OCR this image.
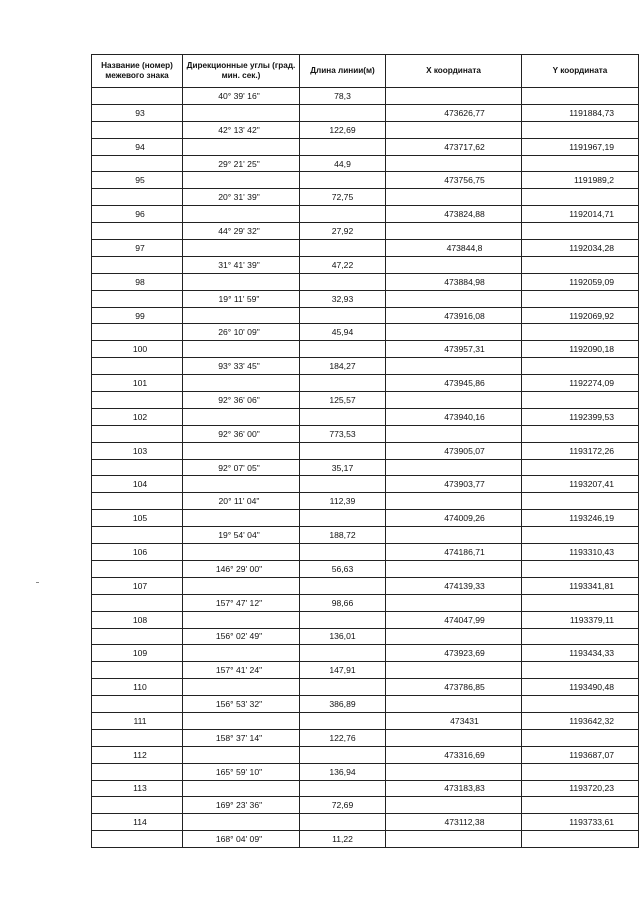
Название (номер) межевого знака	Дирекционные углы (град. мин. сек.)	Длина линии(м)	X координата	Y координата
	40° 39' 16"	78,3		
93			473626,77	1191884,73
	42° 13' 42"	122,69		
94			473717,62	1191967,19
	29° 21' 25"	44,9		
95			473756,75	1191989,2
	20° 31' 39"	72,75		
96			473824,88	1192014,71
	44° 29' 32"	27,92		
97			473844,8	1192034,28
	31° 41' 39"	47,22		
98			473884,98	1192059,09
	19° 11' 59"	32,93		
99			473916,08	1192069,92
	26° 10' 09"	45,94		
100			473957,31	1192090,18
	93° 33' 45"	184,27		
101			473945,86	1192274,09
	92° 36' 06"	125,57		
102			473940,16	1192399,53
	92° 36' 00"	773,53		
103			473905,07	1193172,26
	92° 07' 05"	35,17		
104			473903,77	1193207,41
	20° 11' 04"	112,39		
105			474009,26	1193246,19
	19° 54' 04"	188,72		
106			474186,71	1193310,43
	146° 29' 00"	56,63		
107			474139,33	1193341,81
	157° 47' 12"	98,66		
108			474047,99	1193379,11
	156° 02' 49"	136,01		
109			473923,69	1193434,33
	157° 41' 24"	147,91		
110			473786,85	1193490,48
	156° 53' 32"	386,89		
111			473431	1193642,32
	158° 37' 14"	122,76		
112			473316,69	1193687,07
	165° 59' 10"	136,94		
113			473183,83	1193720,23
	169° 23' 36"	72,69		
114			473112,38	1193733,61
	168° 04' 09"	11,22		
